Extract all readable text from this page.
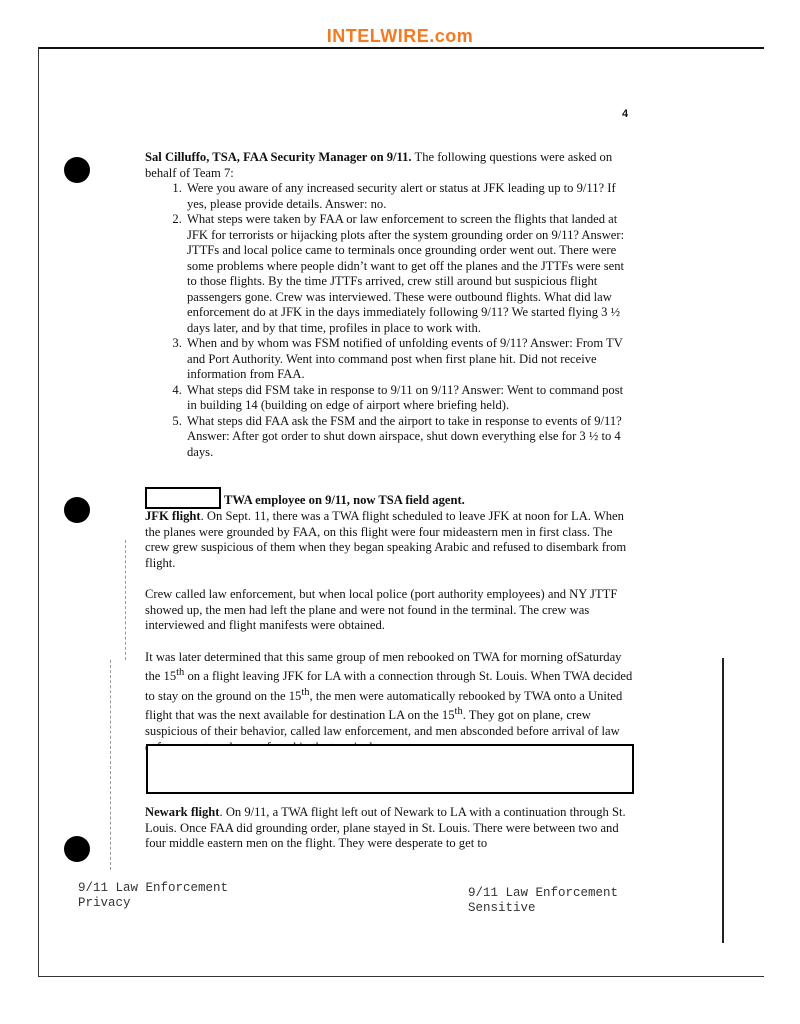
INTELWIRE.com
4

Sal Cilluffo, TSA, FAA Security Manager on 9/11. The following questions were asked on behalf of Team 7:

1. Were you aware of any increased security alert or status at JFK leading up to 9/11? If yes, please provide details. Answer: no.
2. What steps were taken by FAA or law enforcement to screen the flights that landed at JFK for terrorists or hijacking plots after the system grounding order on 9/11? Answer: JTTFs and local police came to terminals once grounding order went out. There were some problems where people didn’t want to get off the planes and the JTTFs were sent to those flights. By the time JTTFs arrived, crew still around but suspicious flight passengers gone. Crew was interviewed. These were outbound flights. What did law enforcement do at JFK in the days immediately following 9/11? We started flying 3 ½ days later, and by that time, profiles in place to work with.
3. When and by whom was FSM notified of unfolding events of 9/11? Answer: From TV and Port Authority. Went into command post when first plane hit. Did not receive information from FAA.
4. What steps did FSM take in response to 9/11 on 9/11? Answer: Went to command post in building 14 (building on edge of airport where briefing held).
5. What steps did FAA ask the FSM and the airport to take in response to events of 9/11? Answer: After got order to shut down airspace, shut down everything else for 3 ½ to 4 days.

TWA employee on 9/11, now TSA field agent.

JFK flight. On Sept. 11, there was a TWA flight scheduled to leave JFK at noon for LA. When the planes were grounded by FAA, on this flight were four mideastern men in first class. The crew grew suspicious of them when they began speaking Arabic and refused to disembark from flight.

Crew called law enforcement, but when local police (port authority employees) and NY JTTF showed up, the men had left the plane and were not found in the terminal. The crew was interviewed and flight manifests were obtained.

It was later determined that this same group of men rebooked on TWA for morning ofSaturday the 15th on a flight leaving JFK for LA with a connection through St. Louis. When TWA decided to stay on the ground on the 15th, the men were automatically rebooked by TWA onto a United flight that was the next available for destination LA on the 15th. They got on plane, crew suspicious of their behavior, called law enforcement, and men absconded before arrival of law

Newark flight. On 9/11, a TWA flight left out of Newark to LA with a continuation through St. Louis. Once FAA did grounding order, plane stayed in St. Louis. There were between two and four middle eastern men on the flight. They were desperate to get to

9/11 Law Enforcement
Privacy
9/11 Law Enforcement
Sensitive
